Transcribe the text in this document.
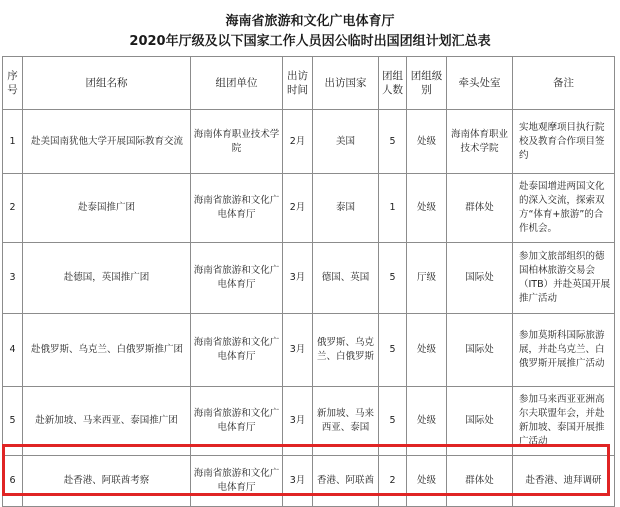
海南省旅游和文化广电体育厅
2020年厅级及以下国家工作人员因公临时出国团组计划汇总表
序号	团组名称	组团单位	出访时间	出访国家	团组人数	团组级别	牵头处室	备注
1	赴美国南犹他大学开展国际教育交流	海南体育职业技术学院	2月	美国	5	处级	海南体育职业技术学院	实地观摩项目执行院校及教育合作项目签约
2	赴泰国推广团	海南省旅游和文化广电体育厅	2月	泰国	1	处级	群体处	赴泰国增进两国文化的深入交流，探索双方“体育+旅游”的合作机会。
3	赴德国，英国推广团	海南省旅游和文化广电体育厅	3月	德国、英国	5	厅级	国际处	参加文旅部组织的德国柏林旅游交易会（ITB）并赴英国开展推广活动
4	赴俄罗斯、乌克兰、白俄罗斯推广团	海南省旅游和文化广电体育厅	3月	俄罗斯、乌克兰、白俄罗斯	5	处级	国际处	参加莫斯科国际旅游展，并赴乌克兰、白俄罗斯开展推广活动
5	赴新加坡、马来西亚、泰国推广团	海南省旅游和文化广电体育厅	3月	新加坡、马来西亚、泰国	5	处级	国际处	参加马来西亚亚洲高尔夫联盟年会，并赴新加坡、泰国开展推广活动
6	赴香港、阿联酋考察	海南省旅游和文化广电体育厅	3月	香港、阿联酋	2	处级	群体处	赴香港、迪拜调研
